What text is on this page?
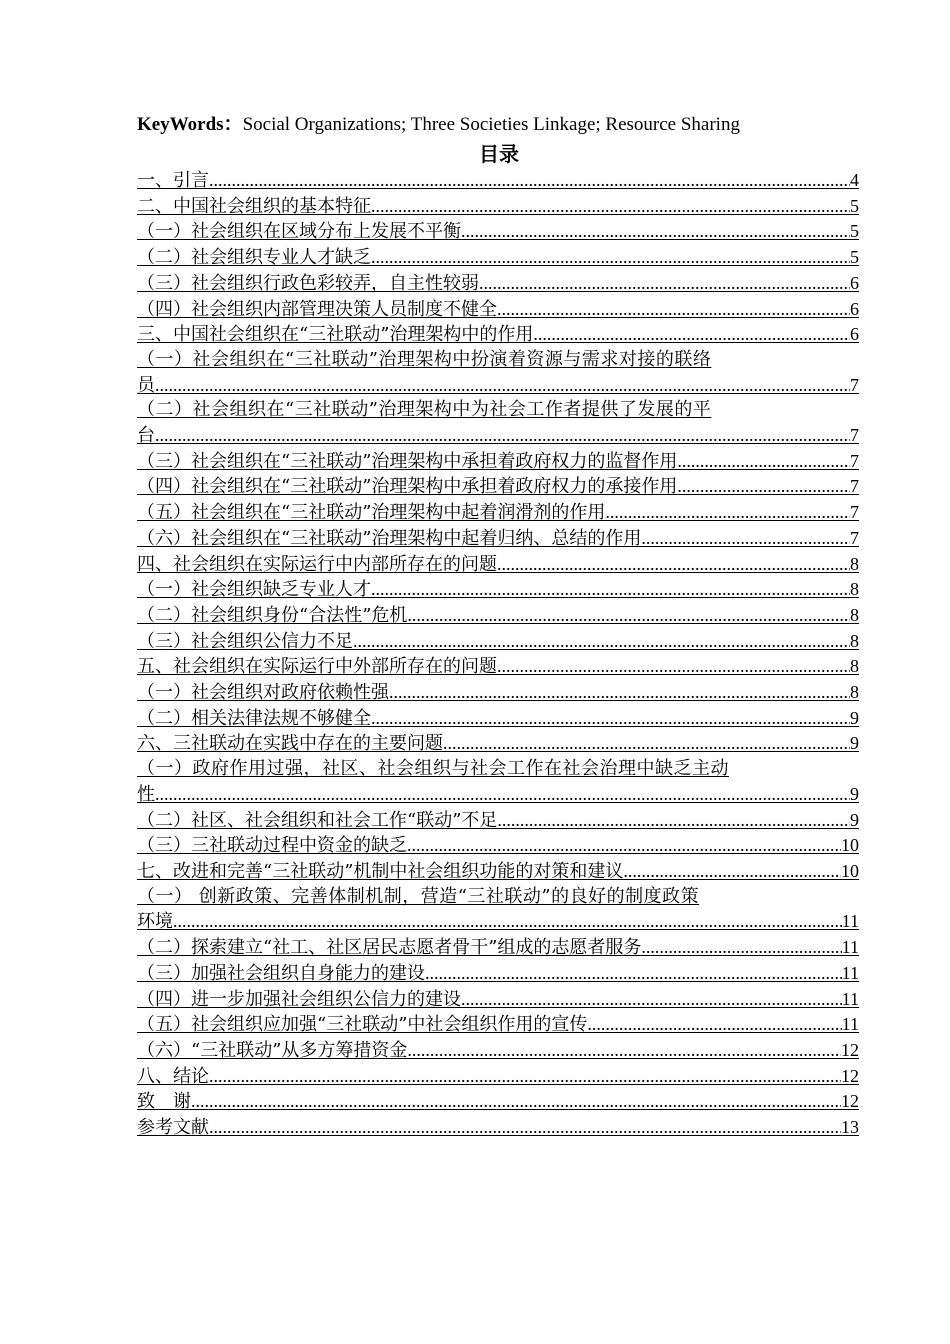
KeyWords：Social Organizations; Three Societies Linkage; Resource Sharing

目录
一、引言 .....	4
二、中国社会组织的基本特征 .....	5
（一）社会组织在区域分布上发展不平衡 .....	5
（二）社会组织专业人才缺乏 .....	5
（三）社会组织行政色彩较弄，自主性较弱 .....	6
（四）社会组织内部管理决策人员制度不健全 .....	6
三、中国社会组织在“三社联动”治理架构中的作用 .....	6
（一）社会组织在“三社联动”治理架构中扮演着资源与需求对接的联络
员 .....	7
（二）社会组织在“三社联动”治理架构中为社会工作者提供了发展的平
台 .....	7
（三）社会组织在“三社联动”治理架构中承担着政府权力的监督作用 .....	7
（四）社会组织在“三社联动”治理架构中承担着政府权力的承接作用 .....	7
（五）社会组织在“三社联动”治理架构中起着润滑剂的作用 .....	7
（六）社会组织在“三社联动”治理架构中起着归纳、总结的作用 .....	7
四、社会组织在实际运行中内部所存在的问题 .....	8
（一）社会组织缺乏专业人才 .....	8
（二）社会组织身份“合法性”危机 .....	8
（三）社会组织公信力不足 .....	8
五、社会组织在实际运行中外部所存在的问题 .....	8
（一）社会组织对政府依赖性强 .....	8
（二）相关法律法规不够健全 .....	9
六、三社联动在实践中存在的主要问题 .....	9
（一）政府作用过强，社区、社会组织与社会工作在社会治理中缺乏主动
性 .....	9
（二）社区、社会组织和社会工作“联动”不足 .....	9
（三）三社联动过程中资金的缺乏 .....	10
七、改进和完善“三社联动”机制中社会组织功能的对策和建议 .....	10
（一） 创新政策、完善体制机制，营造“三社联动”的良好的制度政策
环境 .....	11
（二）探索建立“社工、社区居民志愿者骨干”组成的志愿者服务 .....	11
（三）加强社会组织自身能力的建设 .....	11
（四）进一步加强社会组织公信力的建设 .....	11
（五）社会组织应加强“三社联动”中社会组织作用的宣传 .....	11
（六）“三社联动”从多方筹措资金 .....	12
八、结论 .....	12
致　谢 .....	12
参考文献 .....	13
